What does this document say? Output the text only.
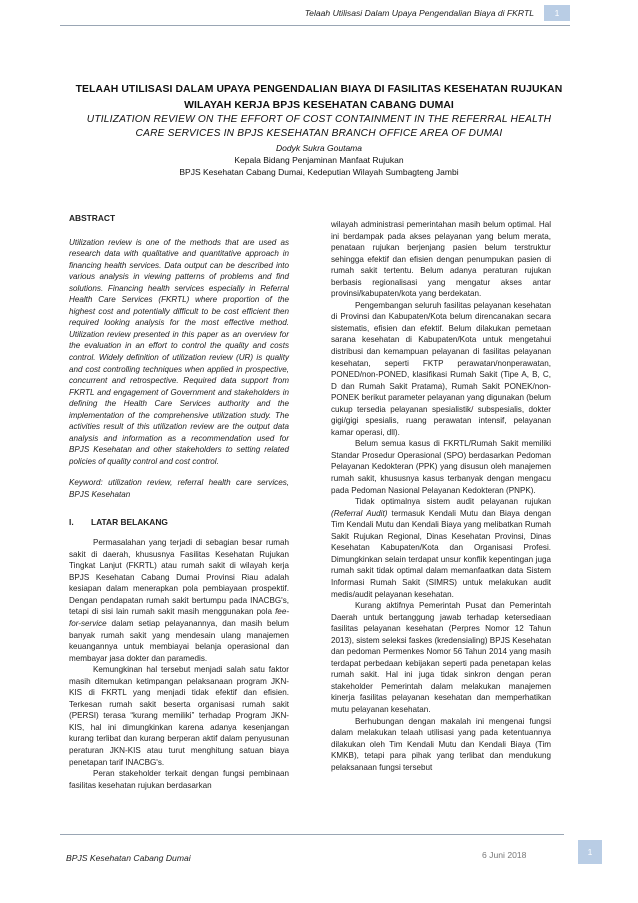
Telaah Utilisasi Dalam Upaya Pengendalian Biaya di FKRTL	1
TELAAH UTILISASI DALAM UPAYA PENGENDALIAN BIAYA DI FASILITAS KESEHATAN RUJUKAN WILAYAH KERJA BPJS KESEHATAN CABANG DUMAI
UTILIZATION REVIEW ON THE EFFORT OF COST CONTAINMENT IN THE REFERRAL HEALTH CARE SERVICES IN BPJS KESEHATAN BRANCH OFFICE AREA OF DUMAI
Dodyk Sukra Goutama
Kepala Bidang Penjaminan Manfaat Rujukan
BPJS Kesehatan Cabang Dumai, Kedeputian Wilayah Sumbagteng Jambi

ABSTRACT

Utilization review is one of the methods that are used as research data with qualitative and quantitative approach in financing health services. Data output can be described into various analysis in viewing patterns of problems and find solutions. Financing health services especially in Referral Health Care Services (FKRTL) where proportion of the highest cost and potentially difficult to be cost efficient then required looking analysis for the most effective method. Utilization review presented in this paper as an overview for the evaluation in an effort to control the quality and costs control. Widely definition of utilization review (UR) is quality and cost controlling techniques when applied in prospective, concurrent and retrospective. Required data support from FKRTL and engagement of Government and stakeholders in defining the Health Care Services authority and the implementation of the comprehensive utilization study. The activities result of this utilization review are the output data analysis and information as a recommendation used for BPJS Kesehatan and other stakeholders to setting related policies of quality control and cost control.

Keyword: utilization review, referral health care services, BPJS Kesehatan

I. LATAR BELAKANG

Permasalahan yang terjadi di sebagian besar rumah sakit di daerah, khususnya Fasilitas Kesehatan Rujukan Tingkat Lanjut (FKRTL) atau rumah sakit di wilayah kerja BPJS Kesehatan Cabang Dumai Provinsi Riau adalah kesiapan dalam menerapkan pola pembiayaan prospektif. Dengan pendapatan rumah sakit bertumpu pada INACBG's, tetapi di sisi lain rumah sakit masih menggunakan pola fee-for-service dalam setiap pelayanannya, dan masih belum banyak rumah sakit yang mendesain ulang manajemen keuangannya untuk membiayai belanja operasional dan membayar jasa dokter dan paramedis.

Kemungkinan hal tersebut menjadi salah satu faktor masih ditemukan ketimpangan pelaksanaan program JKN-KIS di FKRTL yang menjadi tidak efektif dan efisien. Terkesan rumah sakit beserta organisasi rumah sakit (PERSI) terasa “kurang memiliki” terhadap Program JKN-KIS, hal ini dimungkinkan karena adanya kesenjangan kurang terlibat dan kurang berperan aktif dalam penyusunan peraturan JKN-KIS atau turut menghitung satuan biaya penetapan tarif INACBG's.

Peran stakeholder terkait dengan fungsi pembinaan fasilitas kesehatan rujukan berdasarkan

wilayah administrasi pemerintahan masih belum optimal. Hal ini berdampak pada akses pelayanan yang belum merata, penataan rujukan berjenjang pasien belum terstruktur sehingga efektif dan efisien dengan penumpukan pasien di rumah sakit tertentu. Belum adanya peraturan rujukan berbasis regionalisasi yang mengatur akses antar provinsi/kabupaten/kota yang berdekatan.

Pengembangan seluruh fasilitas pelayanan kesehatan di Provinsi dan Kabupaten/Kota belum direncanakan secara sistematis, efisien dan efektif. Belum dilakukan pemetaan sarana kesehatan di Kabupaten/Kota untuk mengetahui distribusi dan kemampuan pelayanan di fasilitas pelayanan kesehatan, seperti FKTP perawatan/nonperawatan, PONED/non-PONED, klasifikasi Rumah Sakit (Tipe A, B, C, D dan Rumah Sakit Pratama), Rumah Sakit PONEK/non-PONEK berikut parameter pelayanan yang digunakan (belum cukup tersedia pelayanan spesialistik/ subspesialis, dokter gigi/gigi spesialis, ruang perawatan intensif, pelayanan kamar operasi, dll).

Belum semua kasus di FKRTL/Rumah Sakit memiliki Standar Prosedur Operasional (SPO) berdasarkan Pedoman Pelayanan Kedokteran (PPK) yang disusun oleh manajemen rumah sakit, khususnya kasus terbanyak dengan mengacu pada Pedoman Nasional Pelayanan Kedokteran (PNPK).

Tidak optimalnya sistem audit pelayanan rujukan (Referral Audit) termasuk Kendali Mutu dan Biaya dengan Tim Kendali Mutu dan Kendali Biaya yang melibatkan Rumah Sakit Rujukan Regional, Dinas Kesehatan Provinsi, Dinas Kesehatan Kabupaten/Kota dan Organisasi Profesi. Dimungkinkan selain terdapat unsur konflik kepentingan juga rumah sakit tidak optimal dalam memanfaatkan data Sistem Informasi Rumah Sakit (SIMRS) untuk melakukan audit medis/audit pelayanan kesehatan.

Kurang aktifnya Pemerintah Pusat dan Pemerintah Daerah untuk bertanggung jawab terhadap ketersediaan fasilitas pelayanan kesehatan (Perpres Nomor 12 Tahun 2013), sistem seleksi faskes (kredensialing) BPJS Kesehatan dan pedoman Permenkes Nomor 56 Tahun 2014 yang masih terdapat perbedaan kebijakan seperti pada penetapan kelas rumah sakit. Hal ini juga tidak sinkron dengan peran stakeholder Pemerintah dalam melakukan manajemen kinerja fasilitas pelayanan kesehatan dan memperhatikan mutu pelayanan kesehatan.

Berhubungan dengan makalah ini mengenai fungsi dalam melakukan telaah utilisasi yang pada ketentuannya dilakukan oleh Tim Kendali Mutu dan Kendali Biaya (Tim KMKB), tetapi para pihak yang terlibat dan mendukung pelaksanaan fungsi tersebut

BPJS Kesehatan Cabang Dumai	6 Juni 2018	1
